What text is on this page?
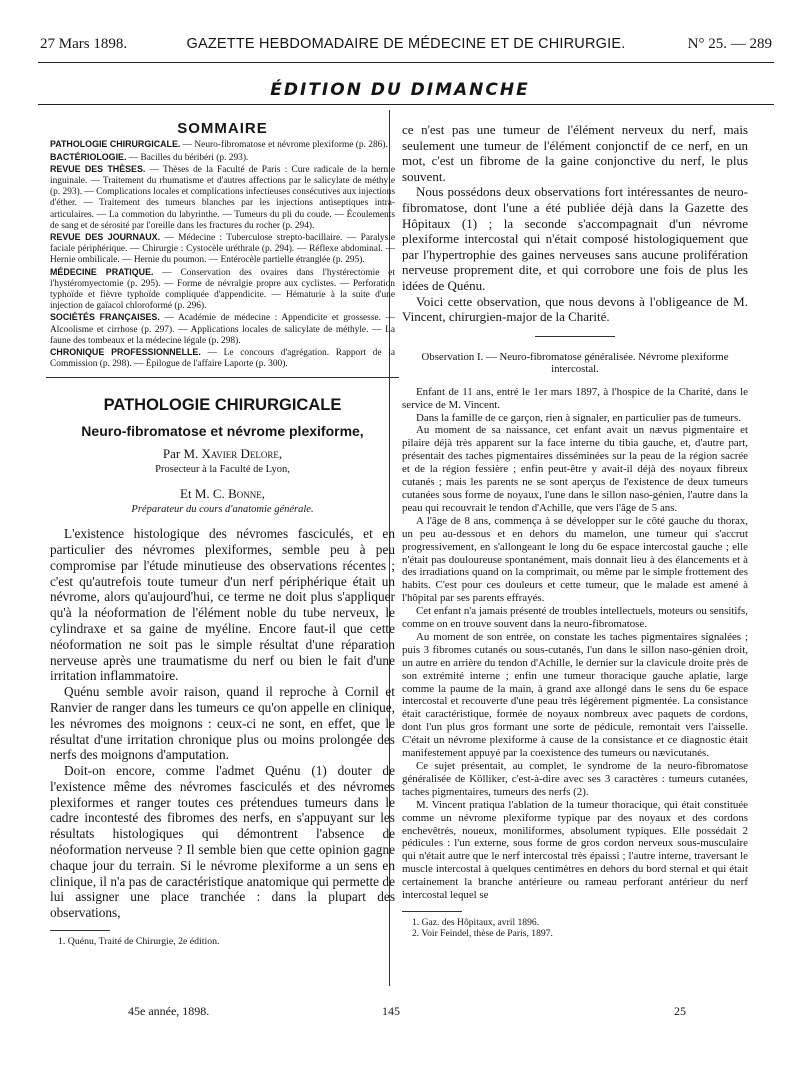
27 Mars 1898.	GAZETTE HEBDOMADAIRE DE MÉDECINE ET DE CHIRURGIE.	N° 25. — 289
ÉDITION DU DIMANCHE
SOMMAIRE

PATHOLOGIE CHIRURGICALE. — Neuro-fibromatose et névrome plexiforme (p. 286).

BACTÉRIOLOGIE. — Bacilles du béribéri (p. 293).

REVUE DES THÈSES. — Thèses de la Faculté de Paris : Cure radicale de la hernie inguinale. — Traitement du rhumatisme et d'autres affections par le salicylate de méthyle (p. 293). — Complications locales et complications infectieuses consécutives aux injections d'éther. — Traitement des tumeurs blanches par les injections antiseptiques intra-articulaires. — La commotion du labyrinthe. — Tumeurs du pli du coude. — Écoulements de sang et de sérosité par l'oreille dans les fractures du rocher (p. 294).

REVUE DES JOURNAUX. — Médecine : Tuberculose strepto-bacillaire. — Paralysie faciale périphérique. — Chirurgie : Cystocèle uréthrale (p. 294). — Réflexe abdominal. — Hernie ombilicale. — Hernie du poumon. — Entérocèle partielle étranglée (p. 295).

MÉDECINE PRATIQUE. — Conservation des ovaires dans l'hystérectomie et l'hystéromyectomie (p. 295). — Forme de névralgie propre aux cyclistes. — Perforation typhoïde et fièvre typhoïde compliquée d'appendicite. — Hématurie à la suite d'une injection de gaïacol chloroformé (p. 296).

SOCIÉTÉS FRANÇAISES. — Académie de médecine : Appendicite et grossesse. — Alcoolisme et cirrhose (p. 297). — Applications locales de salicylate de méthyle. — La faune des tombeaux et la médecine légale (p. 298).

CHRONIQUE PROFESSIONNELLE. — Le concours d'agrégation. Rapport de la Commission (p. 298). — Épilogue de l'affaire Laporte (p. 300).

PATHOLOGIE CHIRURGICALE
Neuro-fibromatose et névrome plexiforme,
Par M. Xavier Delore,
Prosecteur à la Faculté de Lyon,
Et M. C. Bonne,
Préparateur du cours d'anatomie générale.

L'existence histologique des névromes fasciculés, et en particulier des névromes plexiformes, semble peu à peu compromise par l'étude minutieuse des observations récentes ; c'est qu'autrefois toute tumeur d'un nerf périphérique était un névrome, alors qu'aujourd'hui, ce terme ne doit plus s'appliquer qu'à la néoformation de l'élément noble du tube nerveux, le cylindraxe et sa gaine de myéline. Encore faut-il que cette néoformation ne soit pas le simple résultat d'une réparation nerveuse après une traumatisme du nerf ou bien le fait d'une irritation inflammatoire.

Quénu semble avoir raison, quand il reproche à Cornil et Ranvier de ranger dans les tumeurs ce qu'on appelle en clinique, les névromes des moignons : ceux-ci ne sont, en effet, que le résultat d'une irritation chronique plus ou moins prolongée des nerfs des moignons d'amputation.

Doit-on encore, comme l'admet Quénu (1) douter de l'existence même des névromes fasciculés et des névromes plexiformes et ranger toutes ces prétendues tumeurs dans le cadre incontesté des fibromes des nerfs, en s'appuyant sur les résultats histologiques qui démontrent l'absence de néoformation nerveuse ? Il semble bien que cette opinion gagne chaque jour du terrain. Si le névrome plexiforme a un sens en clinique, il n'a pas de caractéristique anatomique qui permette de lui assigner une place tranchée : dans la plupart des observations,

1. Quénu, Traité de Chirurgie, 2e édition.

ce n'est pas une tumeur de l'élément nerveux du nerf, mais seulement une tumeur de l'élément conjonctif de ce nerf, en un mot, c'est un fibrome de la gaine conjonctive du nerf, le plus souvent.

Nous possédons deux observations fort intéressantes de neuro-fibromatose, dont l'une a été publiée déjà dans la Gazette des Hôpitaux (1) ; la seconde s'accompagnait d'un névrome plexiforme intercostal qui n'était composé histologiquement que par l'hypertrophie des gaines nerveuses sans aucune prolifération nerveuse proprement dite, et qui corrobore une fois de plus les idées de Quénu.

Voici cette observation, que nous devons à l'obligeance de M. Vincent, chirurgien-major de la Charité.

Observation I. — Neuro-fibromatose généralisée. Névrome plexiforme intercostal.

Enfant de 11 ans, entré le 1er mars 1897, à l'hospice de la Charité, dans le service de M. Vincent.

Dans la famille de ce garçon, rien à signaler, en particulier pas de tumeurs.

Au moment de sa naissance, cet enfant avait un nævus pigmentaire et pilaire déjà très apparent sur la face interne du tibia gauche, et, d'autre part, présentait des taches pigmentaires disséminées sur la peau de la région sacrée et de la région fessière ; enfin peut-être y avait-il déjà des noyaux fibreux cutanés ; mais les parents ne se sont aperçus de l'existence de deux tumeurs cutanées sous forme de noyaux, l'une dans le sillon naso-génien, l'autre dans la peau qui recouvrait le tendon d'Achille, que vers l'âge de 5 ans.

A l'âge de 8 ans, commença à se développer sur le côté gauche du thorax, un peu au-dessous et en dehors du mamelon, une tumeur qui s'accrut progressivement, en s'allongeant le long du 6e espace intercostal gauche ; elle n'était pas douloureuse spontanément, mais donnait lieu à des élancements et à des irradiations quand on la comprimait, ou même par le simple frottement des habits. C'est pour ces douleurs et cette tumeur, que le malade est amené à l'hôpital par ses parents effrayés.

Cet enfant n'a jamais présenté de troubles intellectuels, moteurs ou sensitifs, comme on en trouve souvent dans la neuro-fibromatose.

Au moment de son entrée, on constate les taches pigmentaires signalées ; puis 3 fibromes cutanés ou sous-cutanés, l'un dans le sillon naso-génien droit, un autre en arrière du tendon d'Achille, le dernier sur la clavicule droite près de son extrémité interne ; enfin une tumeur thoracique gauche aplatie, large comme la paume de la main, à grand axe allongé dans le sens du 6e espace intercostal et recouverte d'une peau très légèrement pigmentée. La consistance était caractéristique, formée de noyaux nombreux avec paquets de cordons, dont l'un plus gros formant une sorte de pédicule, remontait vers l'aisselle. C'était un névrome plexiforme à cause de la consistance et ce diagnostic était manifestement appuyé par la coexistence des tumeurs ou nævicutanés.

Ce sujet présentait, au complet, le syndrome de la neuro-fibromatose généralisée de Kölliker, c'est-à-dire avec ses 3 caractères : tumeurs cutanées, taches pigmentaires, tumeurs des nerfs (2).

M. Vincent pratiqua l'ablation de la tumeur thoracique, qui était constituée comme un névrome plexiforme typique par des noyaux et des cordons enchevêtrés, noueux, moniliformes, absolument typiques. Elle possédait 2 pédicules : l'un externe, sous forme de gros cordon nerveux sous-musculaire qui n'était autre que le nerf intercostal très épaissi ; l'autre interne, traversant le muscle intercostal à quelques centimètres en dehors du bord sternal et qui était certainement la branche antérieure ou rameau perforant antérieur du nerf intercostal lequel se

1. Gaz. des Hôpitaux, avril 1896.

2. Voir Feindel, thèse de Paris, 1897.

45e année, 1898.	145	25
